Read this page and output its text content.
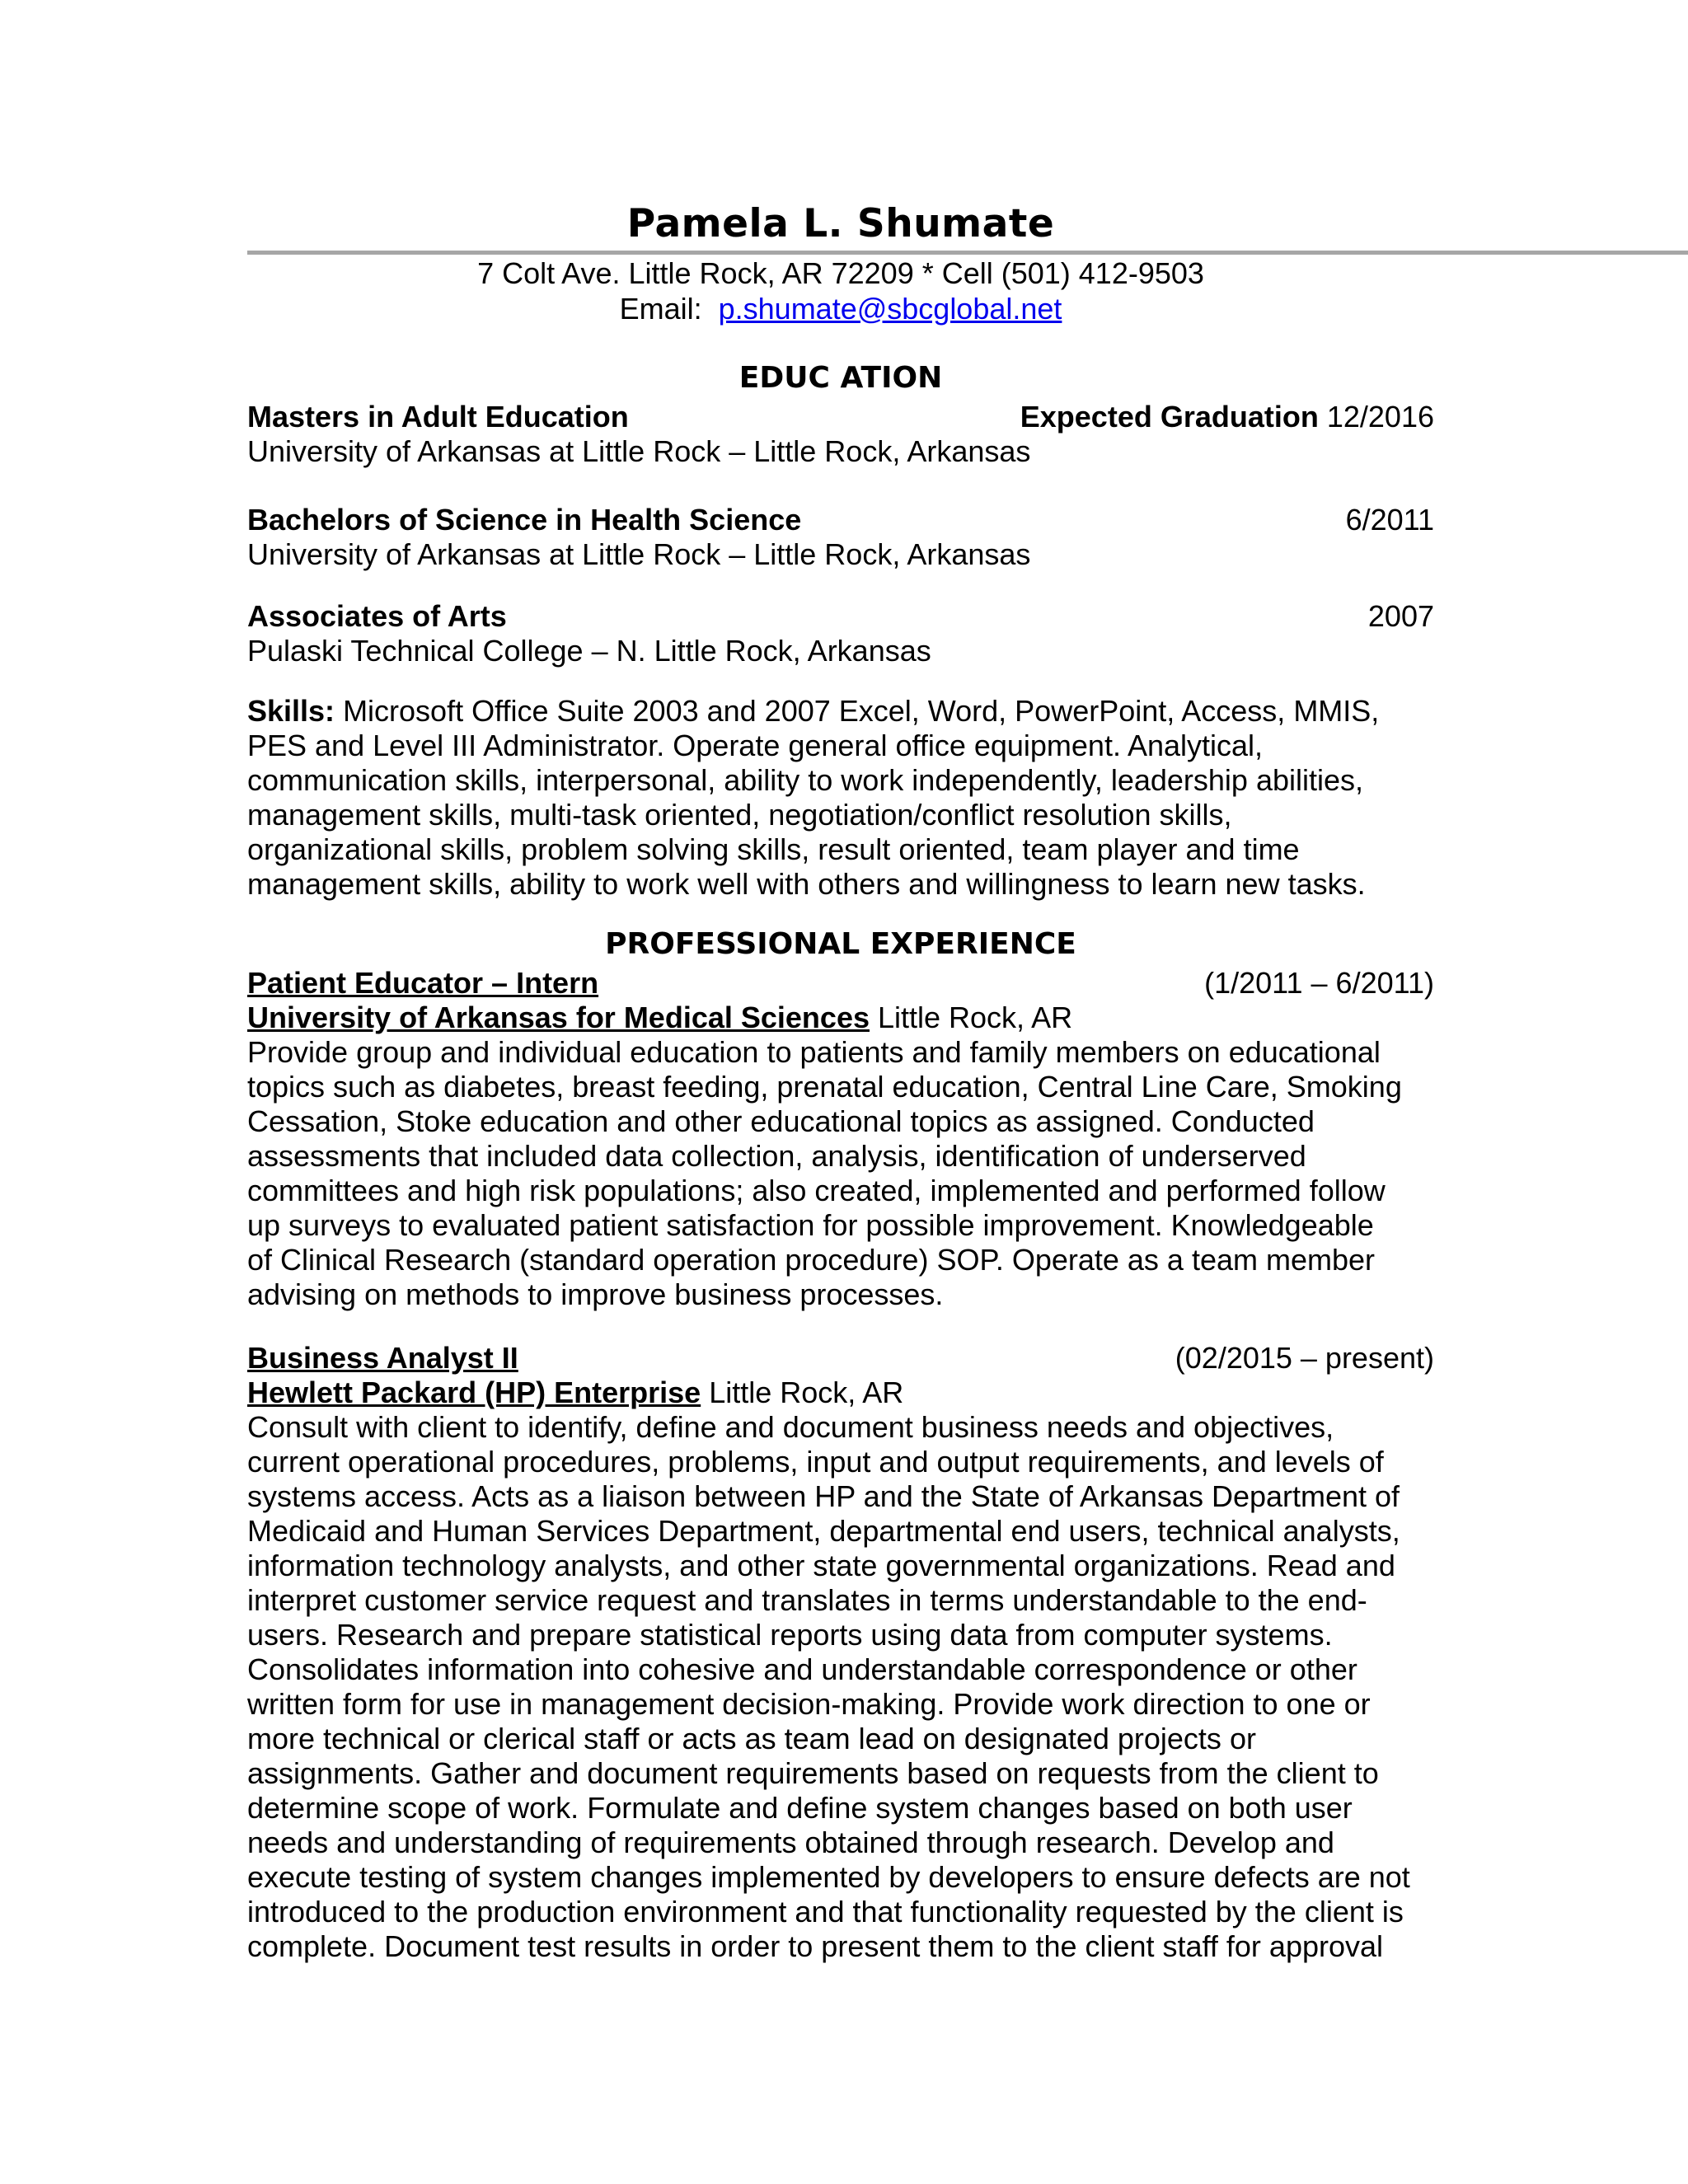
Pamela L. Shumate
7 Colt Ave. Little Rock, AR 72209 * Cell (501) 412-9503
Email: p.shumate@sbcglobal.net
EDUC ATION
Masters in Adult Education	Expected Graduation 12/2016
University of Arkansas at Little Rock – Little Rock, Arkansas
Bachelors of Science in Health Science	6/2011
University of Arkansas at Little Rock – Little Rock, Arkansas
Associates of Arts	2007
Pulaski Technical College – N. Little Rock, Arkansas
Skills: Microsoft Office Suite 2003 and 2007 Excel, Word, PowerPoint, Access, MMIS,
PES and Level III Administrator. Operate general office equipment. Analytical,
communication skills, interpersonal, ability to work independently, leadership abilities,
management skills, multi-task oriented, negotiation/conflict resolution skills,
organizational skills, problem solving skills, result oriented, team player and time
management skills, ability to work well with others and willingness to learn new tasks.
PROFESSIONAL EXPERIENCE
Patient Educator – Intern	(1/2011 – 6/2011)
University of Arkansas for Medical Sciences Little Rock, AR
Provide group and individual education to patients and family members on educational
topics such as diabetes, breast feeding, prenatal education, Central Line Care, Smoking
Cessation, Stoke education and other educational topics as assigned. Conducted
assessments that included data collection, analysis, identification of underserved
committees and high risk populations; also created, implemented and performed follow
up surveys to evaluated patient satisfaction for possible improvement. Knowledgeable
of Clinical Research (standard operation procedure) SOP. Operate as a team member
advising on methods to improve business processes.
Business Analyst II	(02/2015 – present)
Hewlett Packard (HP) Enterprise Little Rock, AR
Consult with client to identify, define and document business needs and objectives,
current operational procedures, problems, input and output requirements, and levels of
systems access. Acts as a liaison between HP and the State of Arkansas Department of
Medicaid and Human Services Department, departmental end users, technical analysts,
information technology analysts, and other state governmental organizations. Read and
interpret customer service request and translates in terms understandable to the end-
users. Research and prepare statistical reports using data from computer systems.
Consolidates information into cohesive and understandable correspondence or other
written form for use in management decision-making. Provide work direction to one or
more technical or clerical staff or acts as team lead on designated projects or
assignments. Gather and document requirements based on requests from the client to
determine scope of work. Formulate and define system changes based on both user
needs and understanding of requirements obtained through research. Develop and
execute testing of system changes implemented by developers to ensure defects are not
introduced to the production environment and that functionality requested by the client is
complete. Document test results in order to present them to the client staff for approval
